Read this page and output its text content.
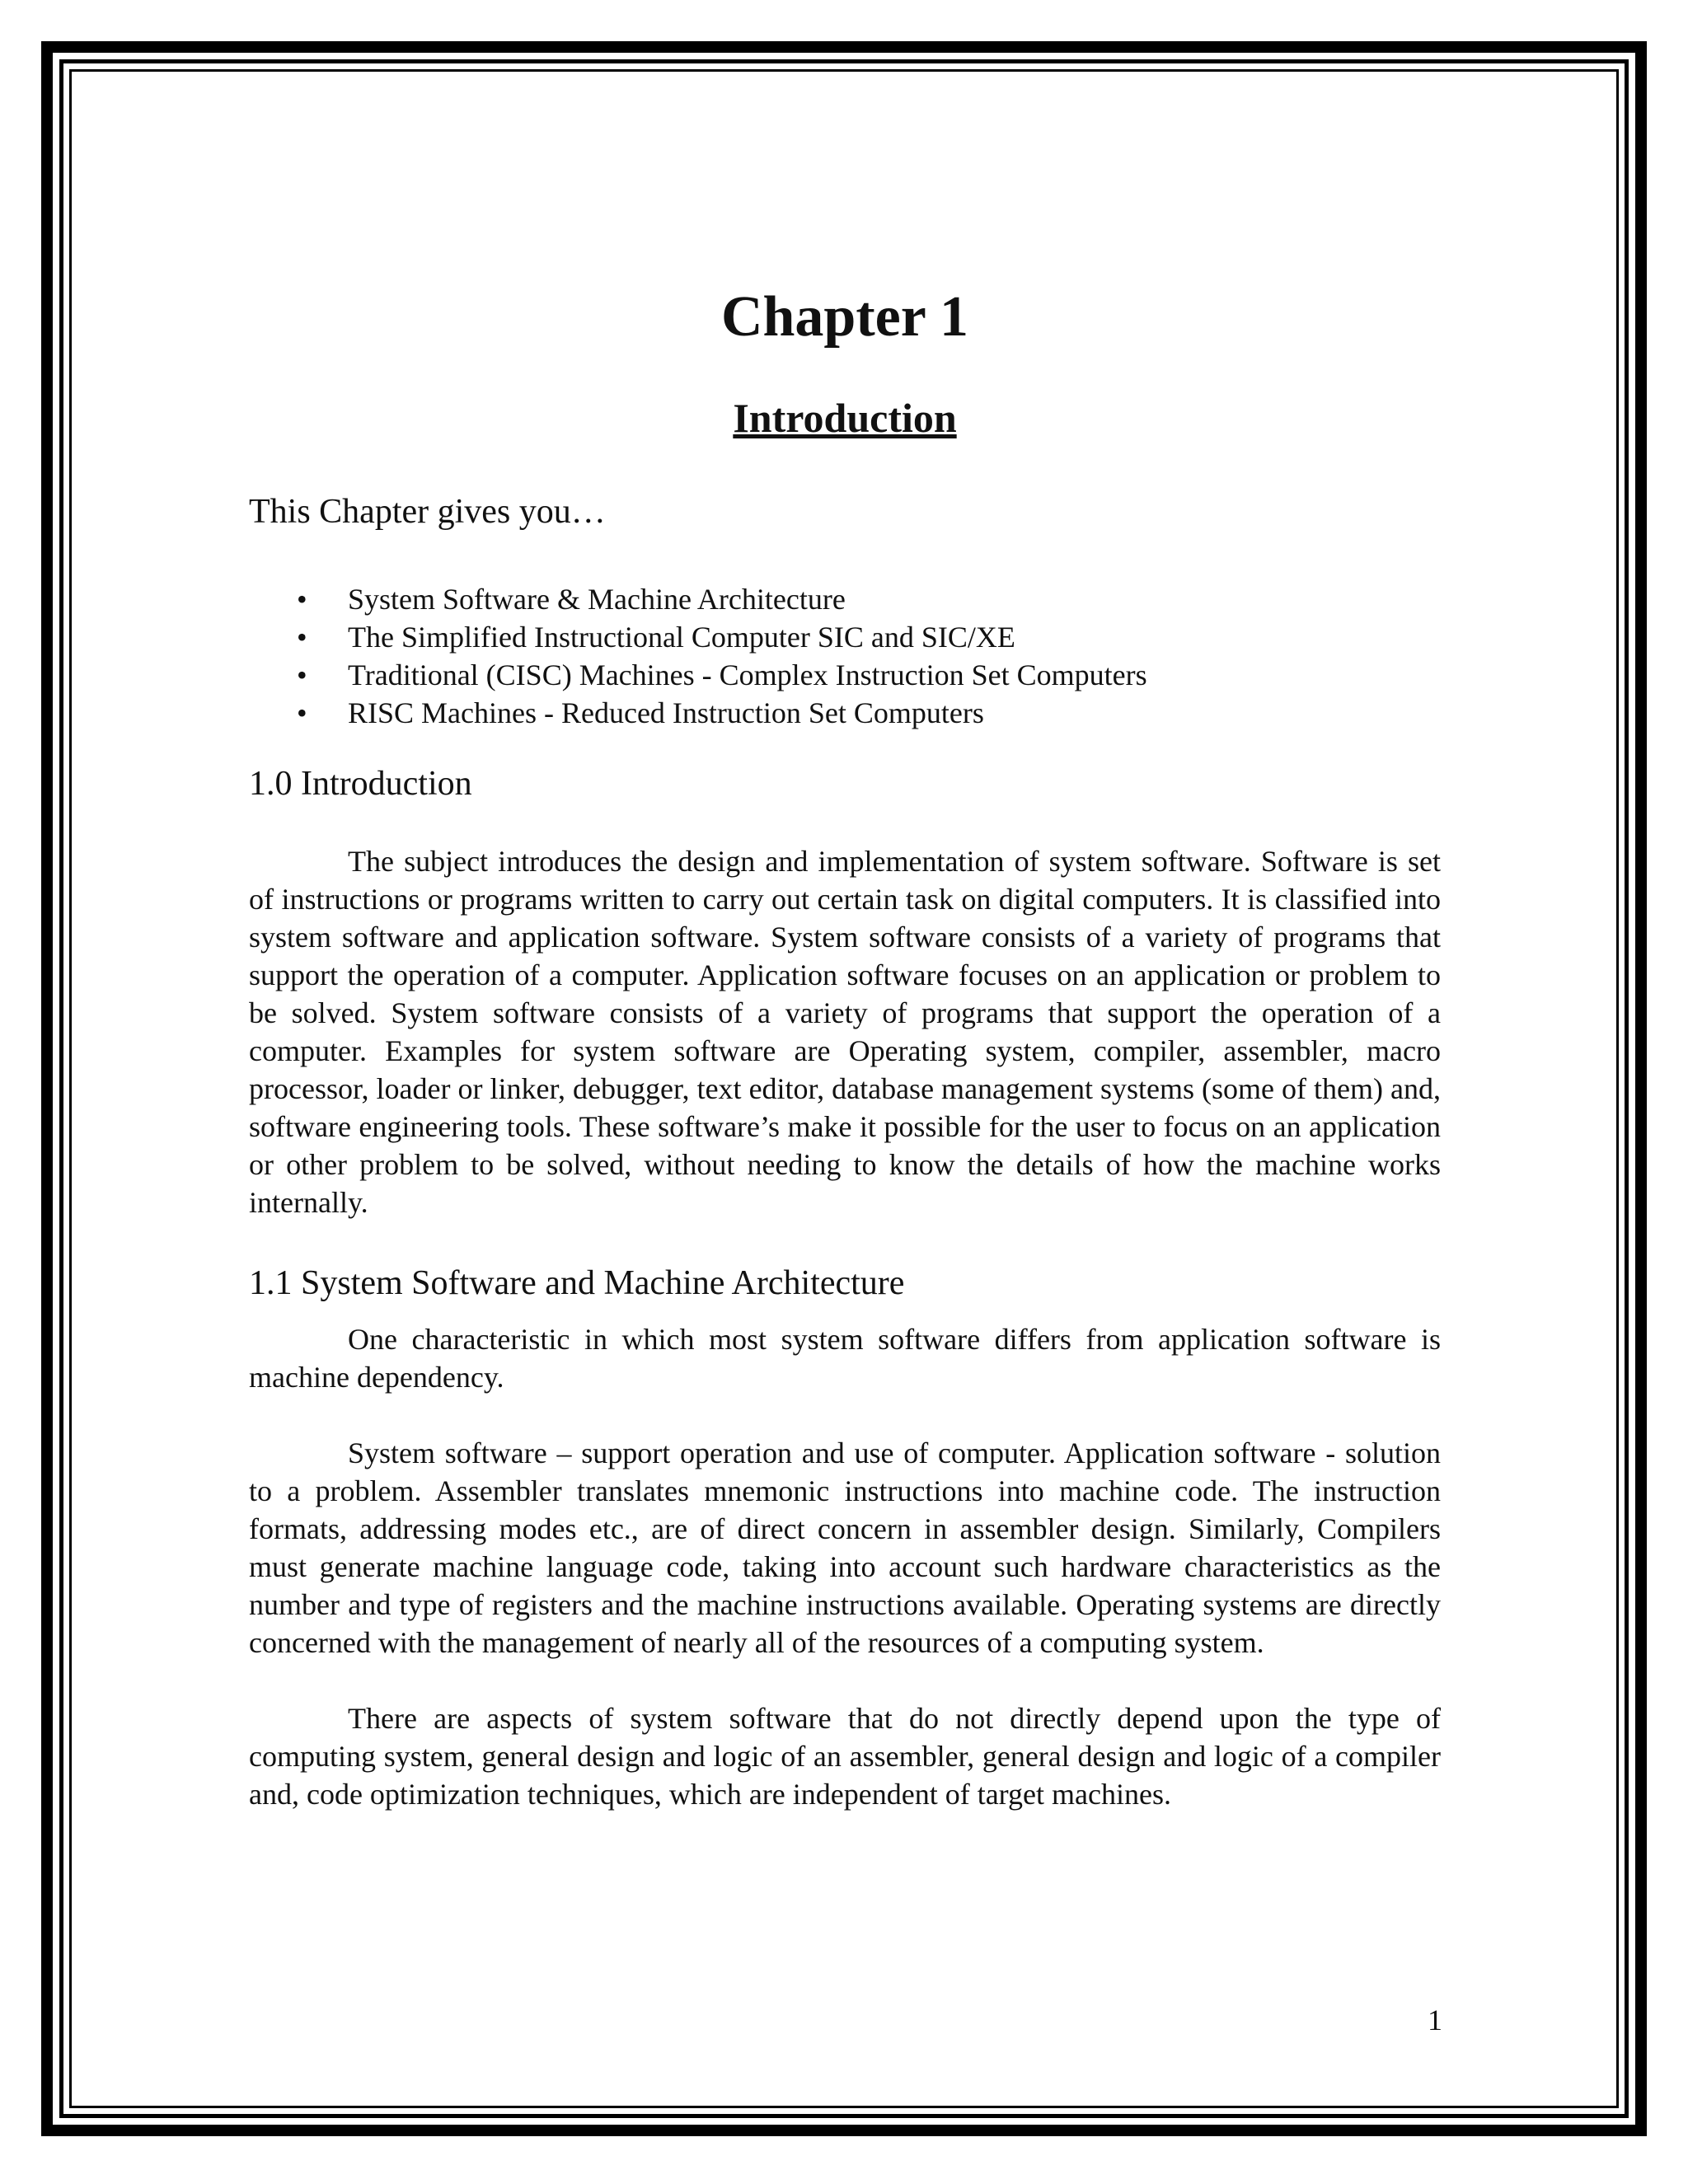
Chapter 1
Introduction

This Chapter gives you…

• System Software & Machine Architecture
• The Simplified Instructional Computer SIC and SIC/XE
• Traditional (CISC) Machines - Complex Instruction Set Computers
• RISC Machines - Reduced Instruction Set Computers
1.0 Introduction

The subject introduces the design and implementation of system software. Software is set of instructions or programs written to carry out certain task on digital computers. It is classified into system software and application software. System software consists of a variety of programs that support the operation of a computer. Application software focuses on an application or problem to be solved. System software consists of a variety of programs that support the operation of a computer. Examples for system software are Operating system, compiler, assembler, macro processor, loader or linker, debugger, text editor, database management systems (some of them) and, software engineering tools. These software’s make it possible for the user to focus on an application or other problem to be solved, without needing to know the details of how the machine works internally.

1.1 System Software and Machine Architecture

One characteristic in which most system software differs from application software is machine dependency.

System software – support operation and use of computer. Application software - solution to a problem. Assembler translates mnemonic instructions into machine code. The instruction formats, addressing modes etc., are of direct concern in assembler design. Similarly, Compilers must generate machine language code, taking into account such hardware characteristics as the number and type of registers and the machine instructions available. Operating systems are directly concerned with the management of nearly all of the resources of a computing system.

There are aspects of system software that do not directly depend upon the type of computing system, general design and logic of an assembler, general design and logic of a compiler and, code optimization techniques, which are independent of target machines.

1
